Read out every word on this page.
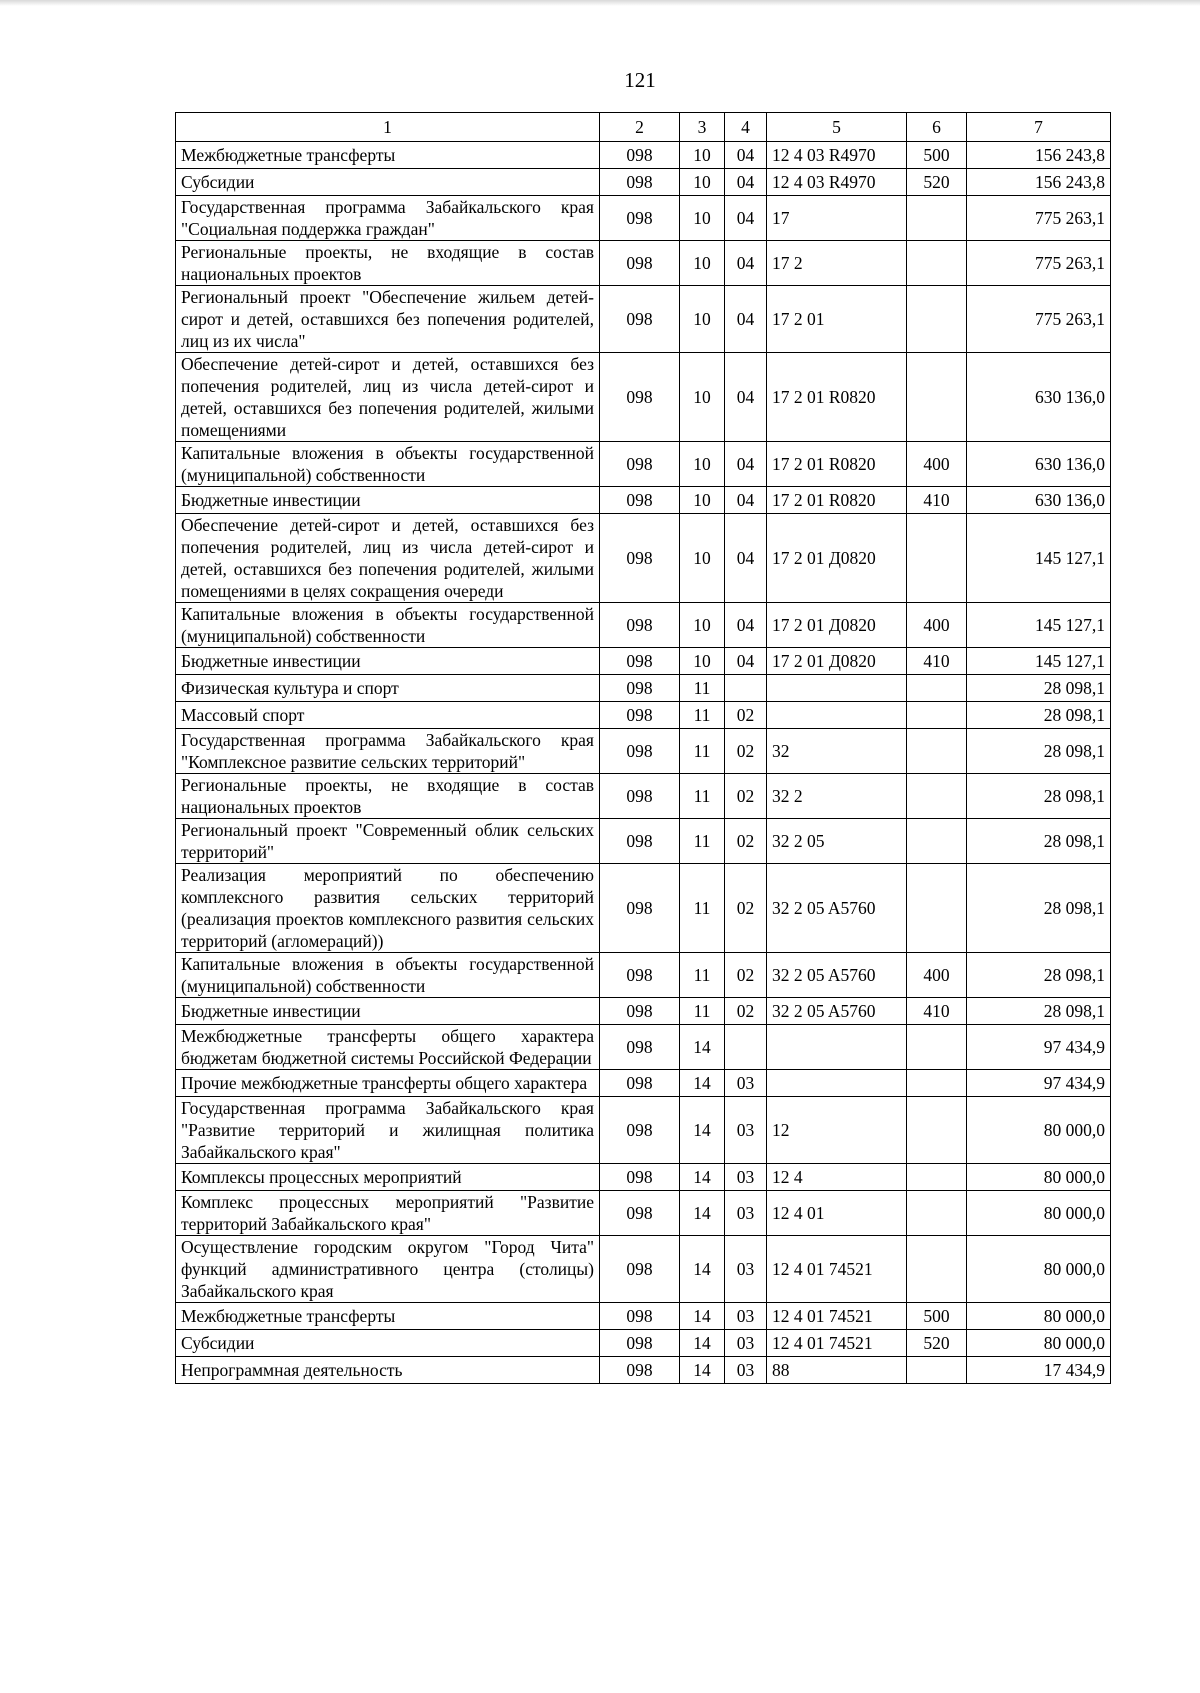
121
1	2	3	4	5	6	7
Межбюджетные трансферты	098	10	04	12 4 03 R4970	500	156 243,8
Субсидии	098	10	04	12 4 03 R4970	520	156 243,8
Государственная программа Забайкальского края "Социальная поддержка граждан"	098	10	04	17		775 263,1
Региональные проекты, не входящие в состав национальных проектов	098	10	04	17 2		775 263,1
Региональный проект "Обеспечение жильем детей-сирот и детей, оставшихся без попечения родителей, лиц из их числа"	098	10	04	17 2 01		775 263,1
Обеспечение детей-сирот и детей, оставшихся без попечения родителей, лиц из числа детей-сирот и детей, оставшихся без попечения родителей, жилыми помещениями	098	10	04	17 2 01 R0820		630 136,0
Капитальные вложения в объекты государственной (муниципальной) собственности	098	10	04	17 2 01 R0820	400	630 136,0
Бюджетные инвестиции	098	10	04	17 2 01 R0820	410	630 136,0
Обеспечение детей-сирот и детей, оставшихся без попечения родителей, лиц из числа детей-сирот и детей, оставшихся без попечения родителей, жилыми помещениями в целях сокращения очереди	098	10	04	17 2 01 Д0820		145 127,1
Капитальные вложения в объекты государственной (муниципальной) собственности	098	10	04	17 2 01 Д0820	400	145 127,1
Бюджетные инвестиции	098	10	04	17 2 01 Д0820	410	145 127,1
Физическая культура и спорт	098	11				28 098,1
Массовый спорт	098	11	02			28 098,1
Государственная программа Забайкальского края "Комплексное развитие сельских территорий"	098	11	02	32		28 098,1
Региональные проекты, не входящие в состав национальных проектов	098	11	02	32 2		28 098,1
Региональный проект "Современный облик сельских территорий"	098	11	02	32 2 05		28 098,1
Реализация мероприятий по обеспечению комплексного развития сельских территорий (реализация проектов комплексного развития сельских территорий (агломераций))	098	11	02	32 2 05 A5760		28 098,1
Капитальные вложения в объекты государственной (муниципальной) собственности	098	11	02	32 2 05 A5760	400	28 098,1
Бюджетные инвестиции	098	11	02	32 2 05 A5760	410	28 098,1
Межбюджетные трансферты общего характера бюджетам бюджетной системы Российской Федерации	098	14				97 434,9
Прочие межбюджетные трансферты общего характера	098	14	03			97 434,9
Государственная программа Забайкальского края "Развитие территорий и жилищная политика Забайкальского края"	098	14	03	12		80 000,0
Комплексы процессных мероприятий	098	14	03	12 4		80 000,0
Комплекс процессных мероприятий "Развитие территорий Забайкальского края"	098	14	03	12 4 01		80 000,0
Осуществление городским округом "Город Чита" функций административного центра (столицы) Забайкальского края	098	14	03	12 4 01 74521		80 000,0
Межбюджетные трансферты	098	14	03	12 4 01 74521	500	80 000,0
Субсидии	098	14	03	12 4 01 74521	520	80 000,0
Непрограммная деятельность	098	14	03	88		17 434,9
